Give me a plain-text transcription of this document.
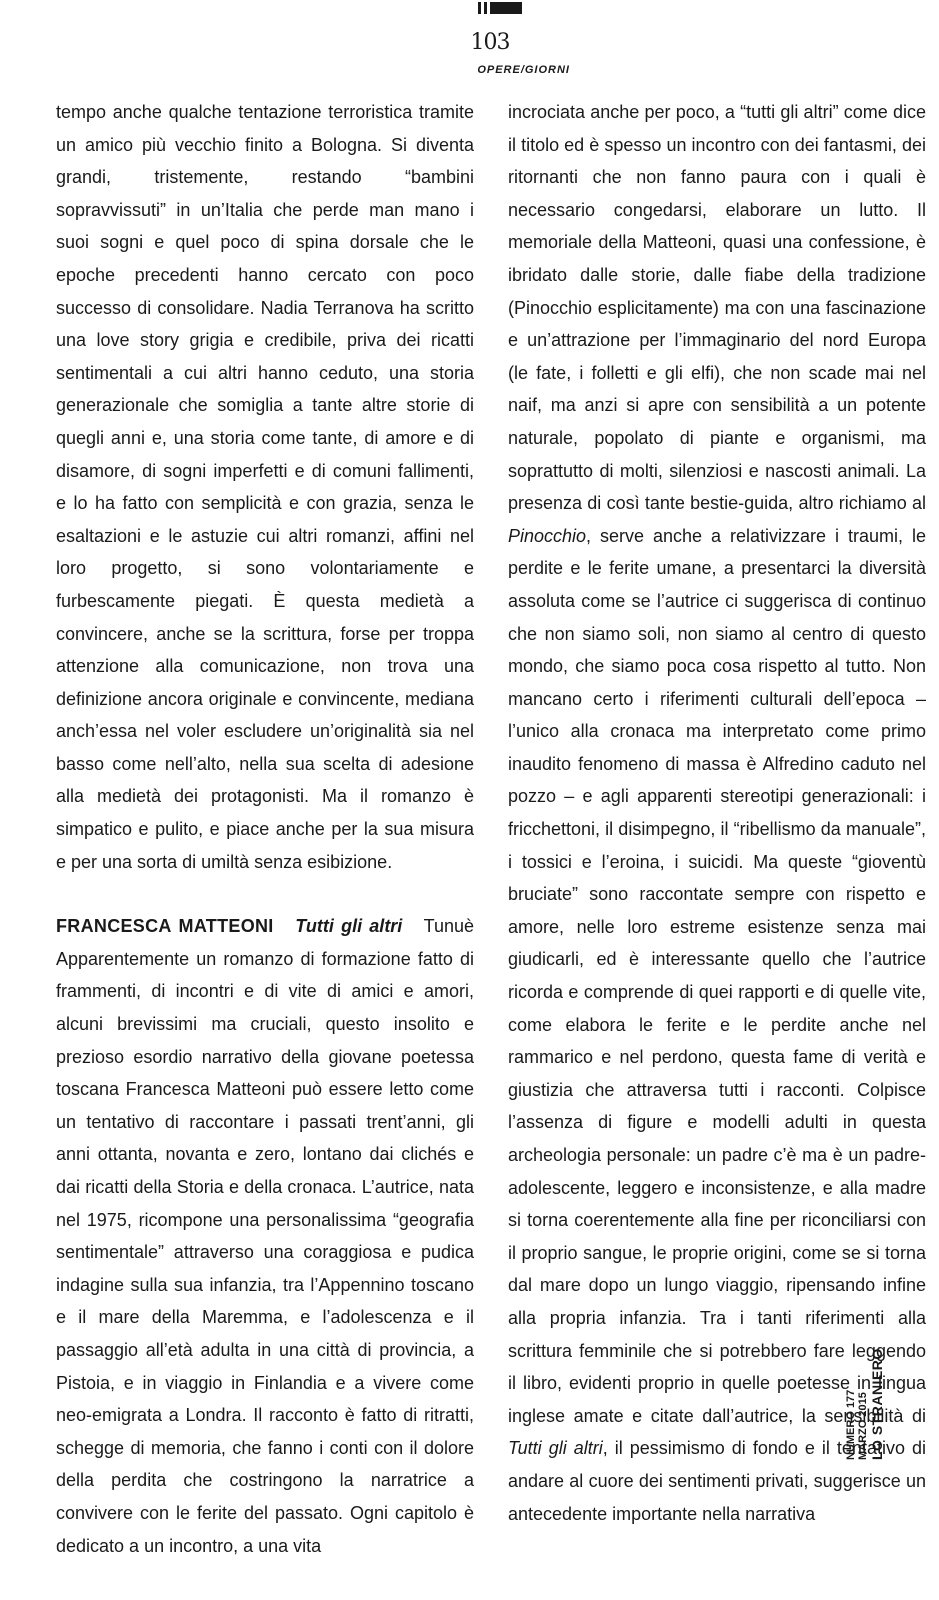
103
OPERE/GIORNI

tempo anche qualche tentazione terroristica tramite un amico più vecchio finito a Bologna. Si diventa grandi, tristemente, restando “bambini sopravvissuti” in un’Italia che perde man mano i suoi sogni e quel poco di spina dorsale che le epoche precedenti hanno cercato con poco successo di consolidare. Nadia Terranova ha scritto una love story grigia e credibile, priva dei ricatti sentimentali a cui altri hanno ceduto, una storia generazionale che somiglia a tante altre storie di quegli anni e, una storia come tante, di amore e di disamore, di sogni imperfetti e di comuni fallimenti, e lo ha fatto con semplicità e con grazia, senza le esaltazioni e le astuzie cui altri romanzi, affini nel loro progetto, si sono volontariamente e furbescamente piegati. È questa medietà a convincere, anche se la scrittura, forse per troppa attenzione alla comunicazione, non trova una definizione ancora originale e convincente, mediana anch’essa nel voler escludere un’originalità sia nel basso come nell’alto, nella sua scelta di adesione alla medietà dei protagonisti. Ma il romanzo è simpatico e pulito, e piace anche per la sua misura e per una sorta di umiltà senza esibizione.

FRANCESCA MATTEONI Tutti gli altri Tunuè Apparentemente un romanzo di formazione fatto di frammenti, di incontri e di vite di amici e amori, alcuni brevissimi ma cruciali, questo insolito e prezioso esordio narrativo della giovane poetessa toscana Francesca Matteoni può essere letto come un tentativo di raccontare i passati trent’anni, gli anni ottanta, novanta e zero, lontano dai clichés e dai ricatti della Storia e della cronaca. L’autrice, nata nel 1975, ricompone una personalissima “geografia sentimentale” attraverso una coraggiosa e pudica indagine sulla sua infanzia, tra l’Appennino toscano e il mare della Maremma, e l’adolescenza e il passaggio all’età adulta in una città di provincia, a Pistoia, e in viaggio in Finlandia e a vivere come neo-emigrata a Londra. Il racconto è fatto di ritratti, schegge di memoria, che fanno i conti con il dolore della perdita che costringono la narratrice a convivere con le ferite del passato. Ogni capitolo è dedicato a un incontro, a una vita

incrociata anche per poco, a “tutti gli altri” come dice il titolo ed è spesso un incontro con dei fantasmi, dei ritornanti che non fanno paura con i quali è necessario congedarsi, elaborare un lutto. Il memoriale della Matteoni, quasi una confessione, è ibridato dalle storie, dalle fiabe della tradizione (Pinocchio esplicitamente) ma con una fascinazione e un’attrazione per l’immaginario del nord Europa (le fate, i folletti e gli elfi), che non scade mai nel naif, ma anzi si apre con sensibilità a un potente naturale, popolato di piante e organismi, ma soprattutto di molti, silenziosi e nascosti animali. La presenza di così tante bestie-guida, altro richiamo al Pinocchio, serve anche a relativizzare i traumi, le perdite e le ferite umane, a presentarci la diversità assoluta come se l’autrice ci suggerisca di continuo che non siamo soli, non siamo al centro di questo mondo, che siamo poca cosa rispetto al tutto. Non mancano certo i riferimenti culturali dell’epoca – l’unico alla cronaca ma interpretato come primo inaudito fenomeno di massa è Alfredino caduto nel pozzo – e agli apparenti stereotipi generazionali: i fricchettoni, il disimpegno, il “ribellismo da manuale”, i tossici e l’eroina, i suicidi. Ma queste “gioventù bruciate” sono raccontate sempre con rispetto e amore, nelle loro estreme esistenze senza mai giudicarli, ed è interessante quello che l’autrice ricorda e comprende di quei rapporti e di quelle vite, come elabora le ferite e le perdite anche nel rammarico e nel perdono, questa fame di verità e giustizia che attraversa tutti i racconti. Colpisce l’assenza di figure e modelli adulti in questa archeologia personale: un padre c’è ma è un padre-adolescente, leggero e inconsistenze, e alla madre si torna coerentemente alla fine per riconciliarsi con il proprio sangue, le proprie origini, come se si torna dal mare dopo un lungo viaggio, ripensando infine alla propria infanzia. Tra i tanti riferimenti alla scrittura femminile che si potrebbero fare leggendo il libro, evidenti proprio in quelle poetesse in lingua inglese amate e citate dall’autrice, la sensibilità di Tutti gli altri, il pessimismo di fondo e il tentativo di andare al cuore dei sentimenti privati, suggerisce un antecedente importante nella narrativa

NUMERO 177 MARZO 2015 LO STRANIERO
